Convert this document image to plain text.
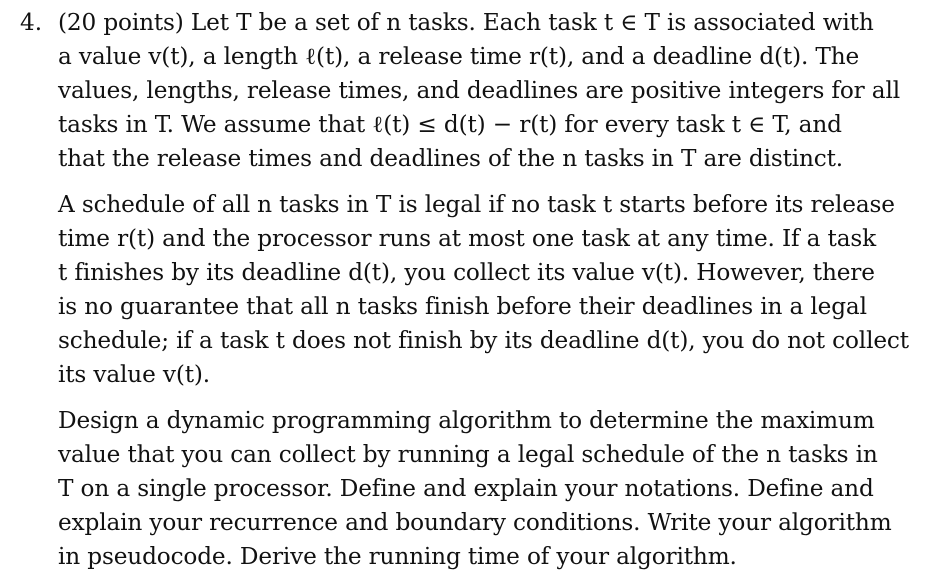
4. (20 points) Let T be a set of n tasks. Each task t ∈ T is associated with
a value v(t), a length ℓ(t), a release time r(t), and a deadline d(t). The
values, lengths, release times, and deadlines are positive integers for all
tasks in T. We assume that ℓ(t) ≤ d(t) − r(t) for every task t ∈ T, and
that the release times and deadlines of the n tasks in T are distinct.
A schedule of all n tasks in T is legal if no task t starts before its release
time r(t) and the processor runs at most one task at any time. If a task
t finishes by its deadline d(t), you collect its value v(t). However, there
is no guarantee that all n tasks finish before their deadlines in a legal
schedule; if a task t does not finish by its deadline d(t), you do not collect
its value v(t).
Design a dynamic programming algorithm to determine the maximum
value that you can collect by running a legal schedule of the n tasks in
T on a single processor. Define and explain your notations. Define and
explain your recurrence and boundary conditions. Write your algorithm
in pseudocode. Derive the running time of your algorithm.
